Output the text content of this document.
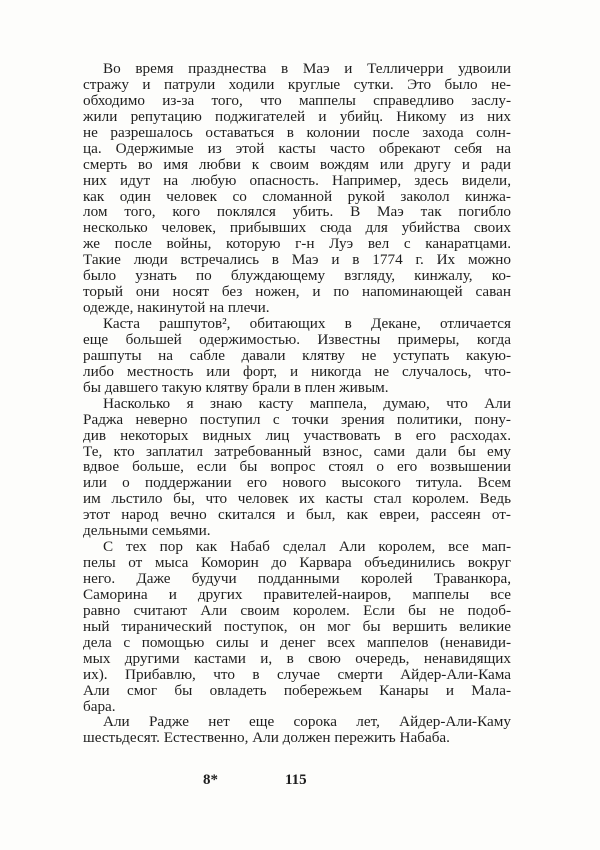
Во время празднества в Маэ и Телличерри удвоили
стражу и патрули ходили круглые сутки. Это было не-
обходимо из-за того, что маппелы справедливо заслу-
жили репутацию поджигателей и убийц. Никому из них
не разрешалось оставаться в колонии после захода солн-
ца. Одержимые из этой касты часто обрекают себя на
смерть во имя любви к своим вождям или другу и ради
них идут на любую опасность. Например, здесь видели,
как один человек со сломанной рукой заколол кинжа-
лом того, кого поклялся убить. В Маэ так погибло
несколько человек, прибывших сюда для убийства своих
же после войны, которую г-н Луэ вел с канаратцами.
Такие люди встречались в Маэ и в 1774 г. Их можно
было узнать по блуждающему взгляду, кинжалу, ко-
торый они носят без ножен, и по напоминающей саван
одежде, накинутой на плечи.
Каста рашпутов², обитающих в Декане, отличается
еще большей одержимостью. Известны примеры, когда
рашпуты на сабле давали клятву не уступать какую-
либо местность или форт, и никогда не случалось, что-
бы давшего такую клятву брали в плен живым.
Насколько я знаю касту маппела, думаю, что Али
Раджа неверно поступил с точки зрения политики, пону-
див некоторых видных лиц участвовать в его расходах.
Те, кто заплатил затребованный взнос, сами дали бы ему
вдвое больше, если бы вопрос стоял о его возвышении
или о поддержании его нового высокого титула. Всем
им льстило бы, что человек их касты стал королем. Ведь
этот народ вечно скитался и был, как евреи, рассеян от-
дельными семьями.
С тех пор как Набаб сделал Али королем, все мап-
пелы от мыса Коморин до Карвара объединились вокруг
него. Даже будучи подданными королей Траванкора,
Саморина и других правителей-наиров, маппелы все
равно считают Али своим королем. Если бы не подоб-
ный тиранический поступок, он мог бы вершить великие
дела с помощью силы и денег всех маппелов (ненавиди-
мых другими кастами и, в свою очередь, ненавидящих
их). Прибавлю, что в случае смерти Айдер-Али-Кама
Али смог бы овладеть побережьем Канары и Мала-
бара.
Али Радже нет еще сорока лет, Айдер-Али-Каму
шестьдесят. Естественно, Али должен пережить Набаба.
8*	115
